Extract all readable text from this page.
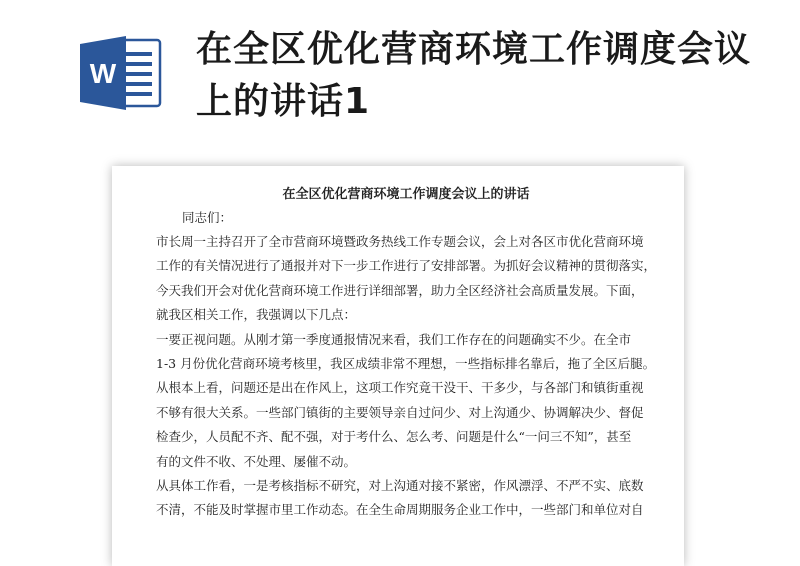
W
在全区优化营商环境工作调度会议上的讲话1
在全区优化营商环境工作调度会议上的讲话
同志们：

市长周一主持召开了全市营商环境暨政务热线工作专题会议，会上对各区市优化营商环境
工作的有关情况进行了通报并对下一步工作进行了安排部署。为抓好会议精神的贯彻落实，
今天我们开会对优化营商环境工作进行详细部署，助力全区经济社会高质量发展。下面，
就我区相关工作，我强调以下几点：

一要正视问题。从刚才第一季度通报情况来看，我们工作存在的问题确实不少。在全市
1-3 月份优化营商环境考核里，我区成绩非常不理想，一些指标排名靠后，拖了全区后腿。
从根本上看，问题还是出在作风上，这项工作究竟干没干、干多少，与各部门和镇街重视
不够有很大关系。一些部门镇街的主要领导亲自过问少、对上沟通少、协调解决少、督促
检查少，人员配不齐、配不强，对于考什么、怎么考、问题是什么“一问三不知”，甚至
有的文件不收、不处理、屡催不动。

从具体工作看，一是考核指标不研究，对上沟通对接不紧密，作风漂浮、不严不实、底数
不清，不能及时掌握市里工作动态。在全生命周期服务企业工作中，一些部门和单位对自
